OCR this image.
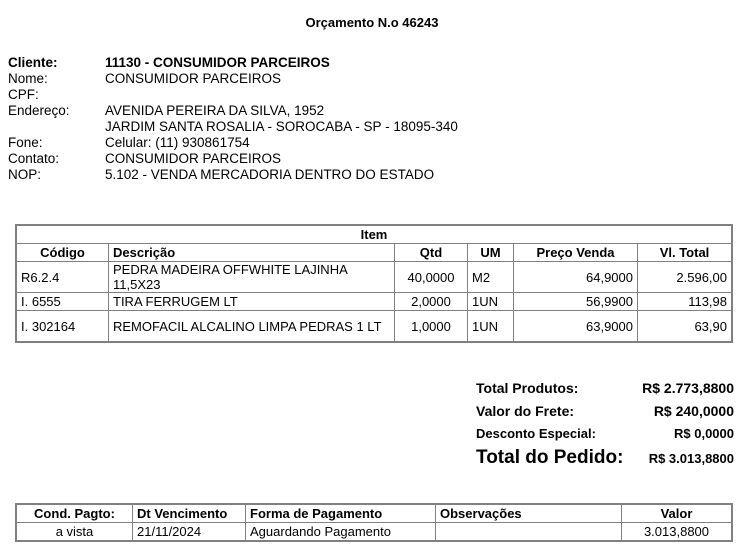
Orçamento N.o 46243
Cliente:	11130 - CONSUMIDOR PARCEIROS
Nome:	CONSUMIDOR PARCEIROS
CPF:	
Endereço:	AVENIDA PEREIRA DA SILVA, 1952
	JARDIM SANTA ROSALIA - SOROCABA - SP - 18095-340
Fone:	Celular: (11) 930861754
Contato:	CONSUMIDOR PARCEIROS
NOP:	5.102 - VENDA MERCADORIA DENTRO DO ESTADO
Item					
Código	Descrição	Qtd	UM	Preço Venda	Vl. Total
R6.2.4	PEDRA MADEIRA OFFWHITE LAJINHA 11,5X23	40,0000	M2	64,9000	2.596,00
I. 6555	TIRA FERRUGEM LT	2,0000	1UN	56,9900	113,98
I. 302164	REMOFACIL ALCALINO LIMPA PEDRAS 1 LT	1,0000	1UN	63,9000	63,90
Total Produtos:	R$ 2.773,8800
Valor do Frete:	R$ 240,0000
Desconto Especial:	R$ 0,0000
Total do Pedido:	R$ 3.013,8800
Cond. Pagto:	Dt Vencimento	Forma de Pagamento	Observações	Valor
a vista	21/11/2024	Aguardando Pagamento		3.013,8800
